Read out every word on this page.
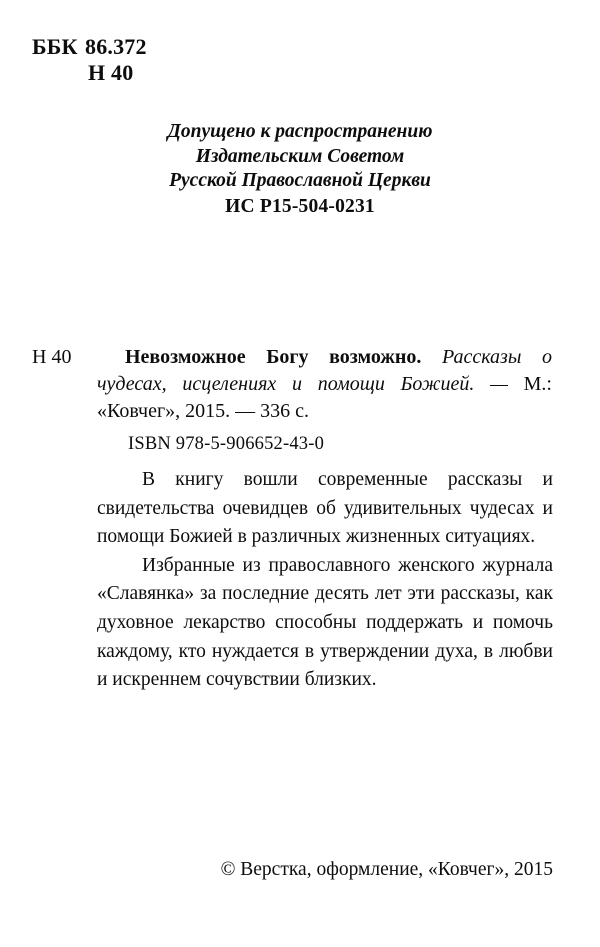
ББК 86.372
Н 40
Допущено к распространению
Издательским Советом
Русской Православной Церкви
ИС Р15-504-0231
Н 40	Невозможное Богу возможно. Рассказы о чудесах, исцелениях и помощи Божией. — М.: «Ковчег», 2015. — 336 с.
ISBN 978-5-906652-43-0

В книгу вошли современные рассказы и свидетельства очевидцев об удивительных чудесах и помощи Божией в различных жизненных ситуациях.

Избранные из православного женского журнала «Славянка» за последние десять лет эти рассказы, как духовное лекарство способны поддержать и помочь каждому, кто нуждается в утверждении духа, в любви и искреннем сочувствии близких.

© Верстка, оформление, «Ковчег», 2015
